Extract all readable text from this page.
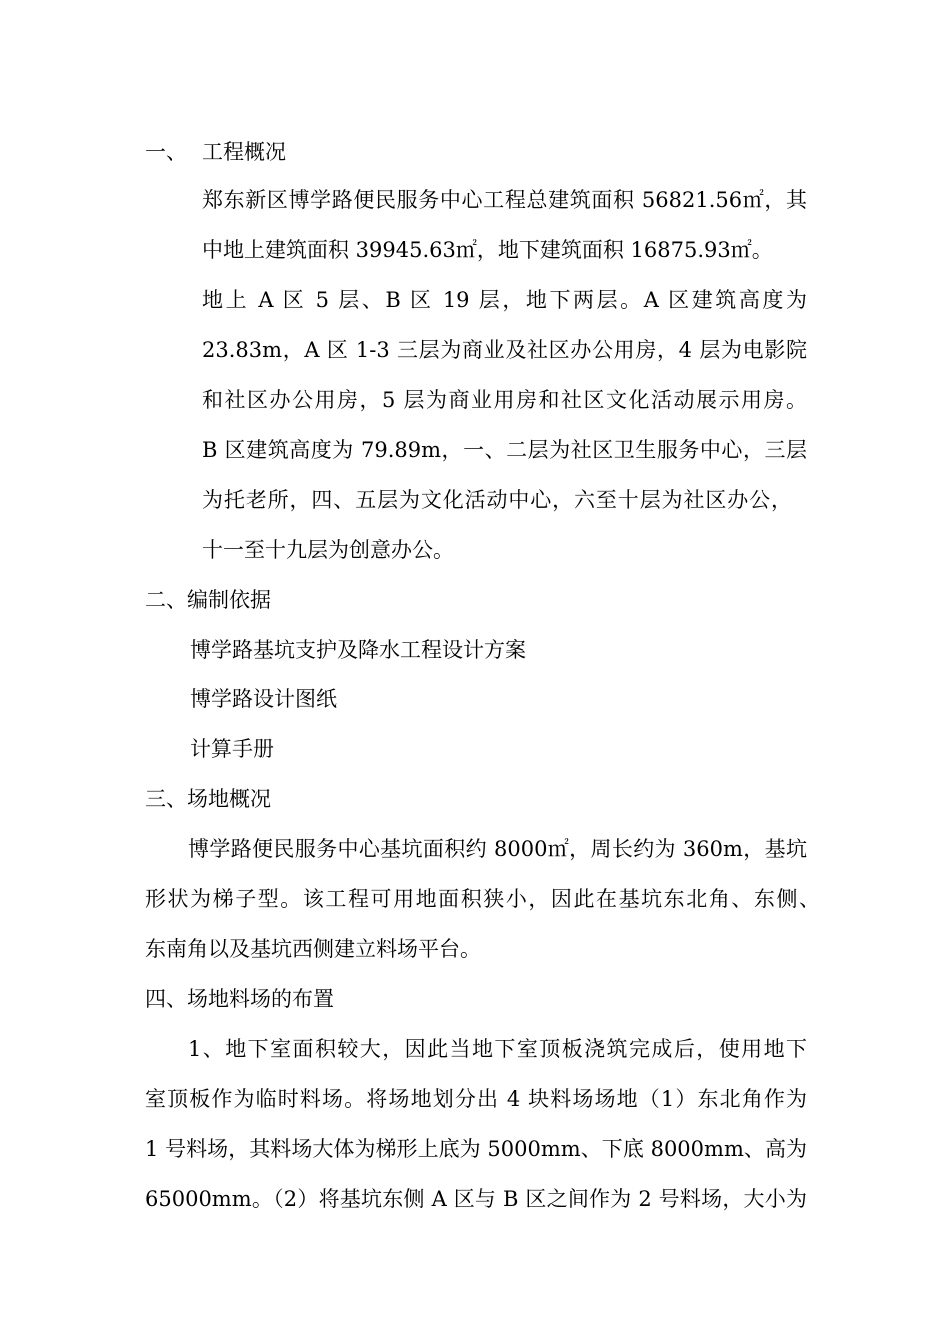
一、 工程概况
郑东新区博学路便民服务中心工程总建筑面积 56821.56㎡，其
中地上建筑面积 39945.63㎡，地下建筑面积 16875.93㎡。
地上 A 区 5 层、B 区 19 层，地下两层。A 区建筑高度为
23.83m，A 区 1-3 三层为商业及社区办公用房，4 层为电影院
和社区办公用房，5 层为商业用房和社区文化活动展示用房。
B 区建筑高度为 79.89m，一、二层为社区卫生服务中心，三层
为托老所，四、五层为文化活动中心，六至十层为社区办公，
十一至十九层为创意办公。
二、编制依据
博学路基坑支护及降水工程设计方案
博学路设计图纸
计算手册
三、场地概况
博学路便民服务中心基坑面积约 8000㎡，周长约为 360m，基坑
形状为梯子型。该工程可用地面积狭小，因此在基坑东北角、东侧、
东南角以及基坑西侧建立料场平台。
四、场地料场的布置
1、地下室面积较大，因此当地下室顶板浇筑完成后，使用地下
室顶板作为临时料场。将场地划分出 4 块料场场地（1）东北角作为
1 号料场，其料场大体为梯形上底为 5000mm、下底 8000mm、高为
65000mm。（2）将基坑东侧 A 区与 B 区之间作为 2 号料场，大小为
